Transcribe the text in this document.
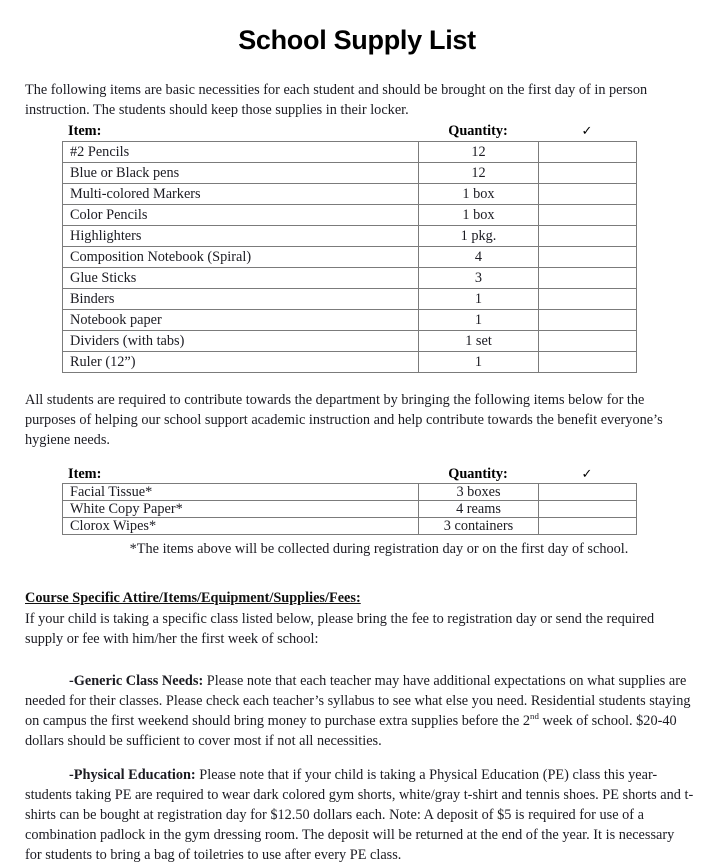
School Supply List

The following items are basic necessities for each student and should be brought on the first day of in person instruction. The students should keep those supplies in their locker.

Item:	Quantity:	✓
#2 Pencils	12	
Blue or Black pens	12	
Multi-colored Markers	1 box	
Color Pencils	1 box	
Highlighters	1 pkg.	
Composition Notebook (Spiral)	4	
Glue Sticks	3	
Binders	1	
Notebook paper	1	
Dividers (with tabs)	1 set	
Ruler (12”)	1	

All students are required to contribute towards the department by bringing the following items below for the purposes of helping our school support academic instruction and help contribute towards the benefit everyone’s hygiene needs.

Item:	Quantity:	✓
Facial Tissue*	3 boxes	
White Copy Paper*	4 reams	
Clorox Wipes*	3 containers	

*The items above will be collected during registration day or on the first day of school.

Course Specific Attire/Items/Equipment/Supplies/Fees:
If your child is taking a specific class listed below, please bring the fee to registration day or send the required supply or fee with him/her the first week of school:

-Generic Class Needs: Please note that each teacher may have additional expectations on what supplies are needed for their classes. Please check each teacher’s syllabus to see what else you need. Residential students staying on campus the first weekend should bring money to purchase extra supplies before the 2nd week of school. $20-40 dollars should be sufficient to cover most if not all necessities.

-Physical Education: Please note that if your child is taking a Physical Education (PE) class this year- students taking PE are required to wear dark colored gym shorts, white/gray t-shirt and tennis shoes. PE shorts and t-shirts can be bought at registration day for $12.50 dollars each. Note: A deposit of $5 is required for use of a combination padlock in the gym dressing room. The deposit will be returned at the end of the year. It is necessary for students to bring a bag of toiletries to use after every PE class.
